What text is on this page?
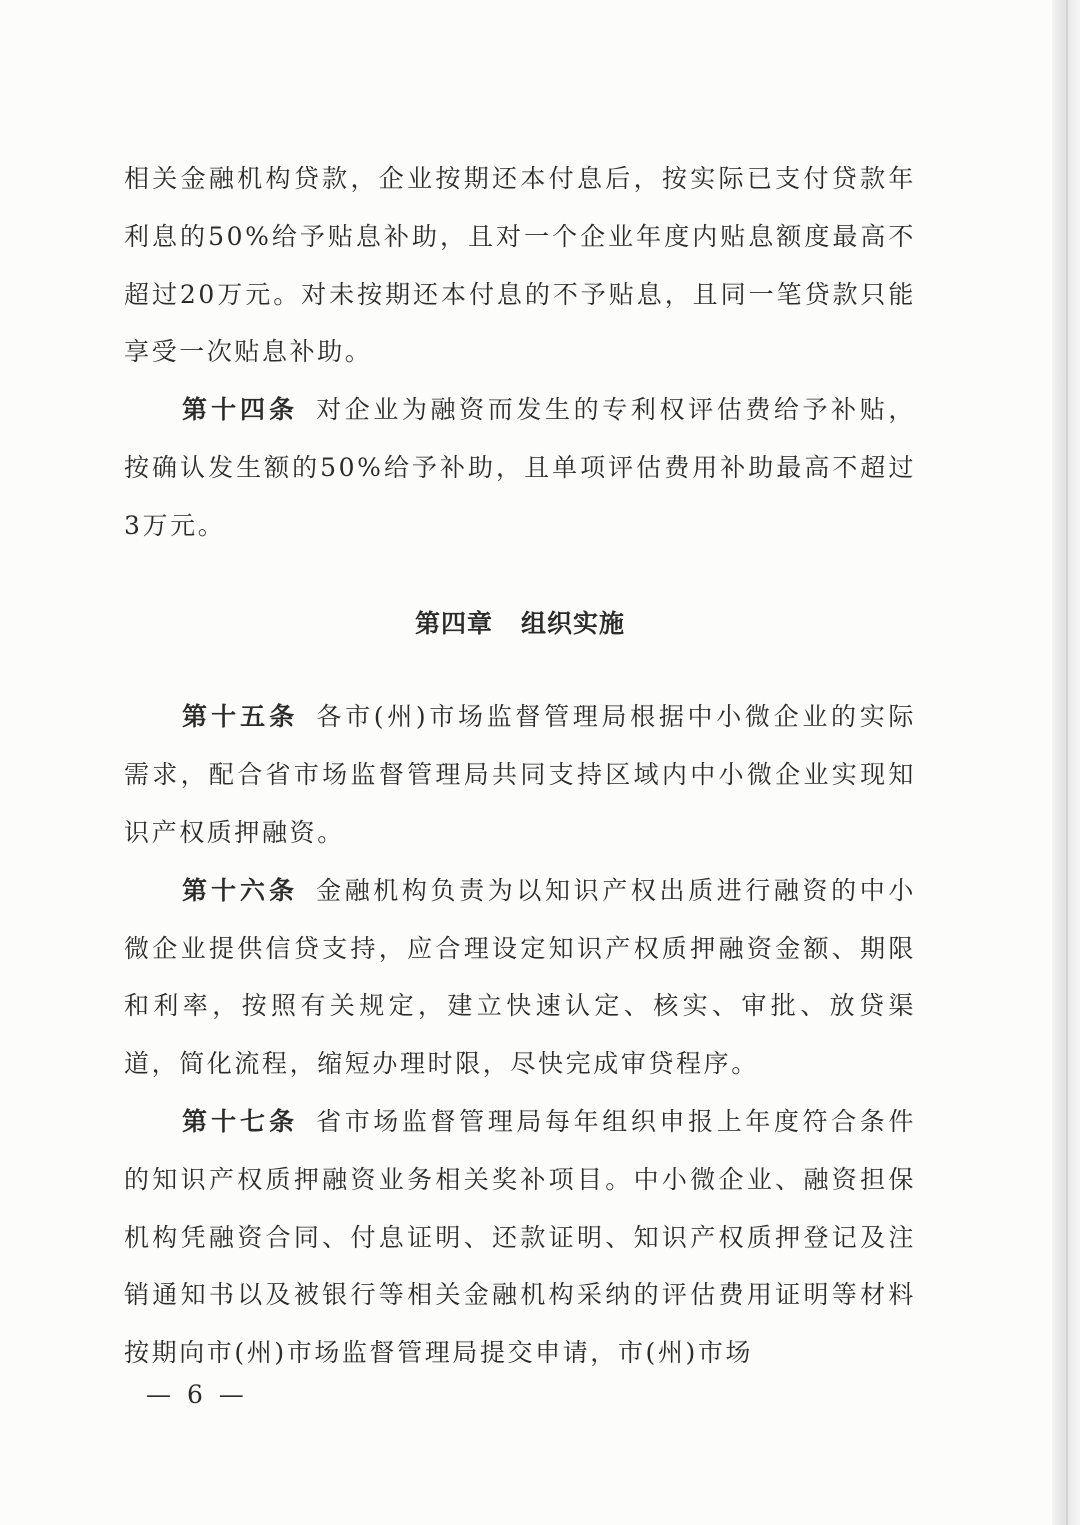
相关金融机构贷款，企业按期还本付息后，按实际已支付贷款年利息的50%给予贴息补助，且对一个企业年度内贴息额度最高不超过20万元。对未按期还本付息的不予贴息，且同一笔贷款只能享受一次贴息补助。

第十四条 对企业为融资而发生的专利权评估费给予补贴，按确认发生额的50%给予补助，且单项评估费用补助最高不超过3万元。

第四章 组织实施

第十五条 各市(州)市场监督管理局根据中小微企业的实际需求，配合省市场监督管理局共同支持区域内中小微企业实现知识产权质押融资。

第十六条 金融机构负责为以知识产权出质进行融资的中小微企业提供信贷支持，应合理设定知识产权质押融资金额、期限和利率，按照有关规定，建立快速认定、核实、审批、放贷渠道，简化流程，缩短办理时限，尽快完成审贷程序。

第十七条 省市场监督管理局每年组织申报上年度符合条件的知识产权质押融资业务相关奖补项目。中小微企业、融资担保机构凭融资合同、付息证明、还款证明、知识产权质押登记及注销通知书以及被银行等相关金融机构采纳的评估费用证明等材料按期向市(州)市场监督管理局提交申请，市(州)市场

— 6 —
